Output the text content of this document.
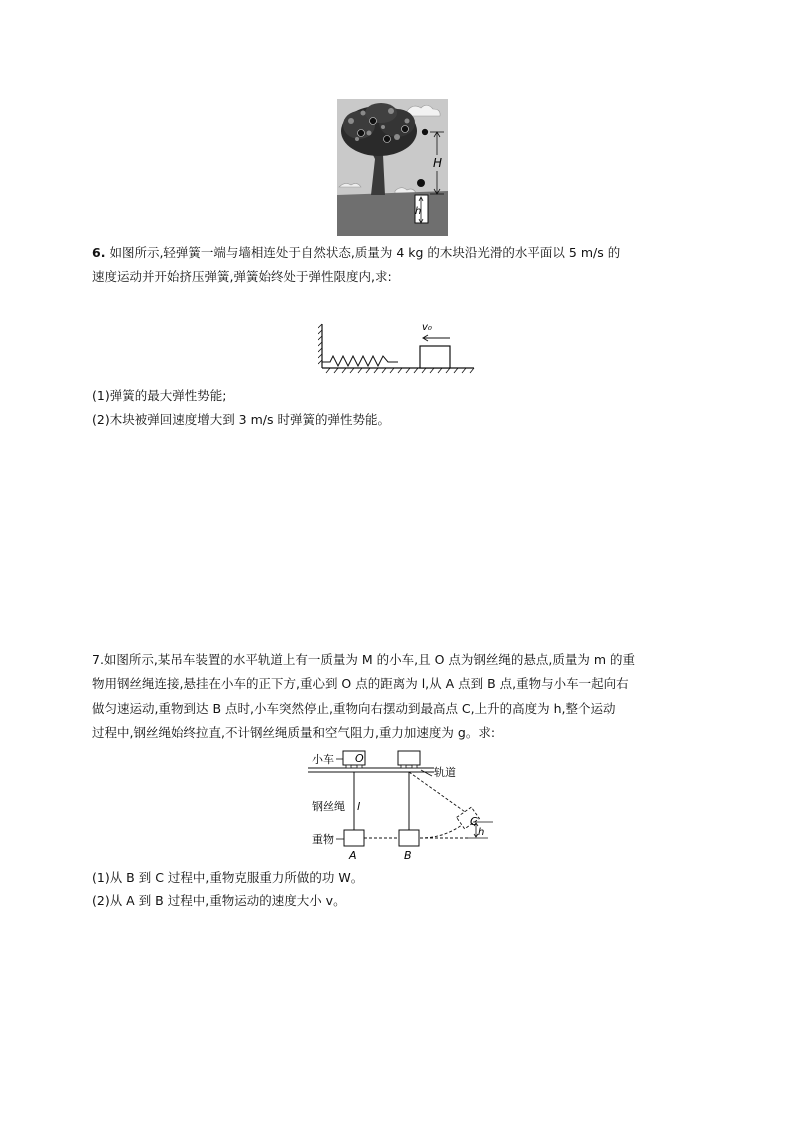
H
h
6. 如图所示,轻弹簧一端与墙相连处于自然状态,质量为 4 kg 的木块沿光滑的水平面以 5 m/s 的
速度运动并开始挤压弹簧,弹簧始终处于弹性限度内,求:
v₀
(1)弹簧的最大弹性势能;
(2)木块被弹回速度增大到 3 m/s 时弹簧的弹性势能。
7.如图所示,某吊车装置的水平轨道上有一质量为 M 的小车,且 O 点为钢丝绳的悬点,质量为 m 的重
物用钢丝绳连接,悬挂在小车的正下方,重心到 O 点的距离为 l,从 A 点到 B 点,重物与小车一起向右
做匀速运动,重物到达 B 点时,小车突然停止,重物向右摆动到最高点 C,上升的高度为 h,整个运动
过程中,钢丝绳始终拉直,不计钢丝绳质量和空气阻力,重力加速度为 g。求:
小车 O
轨道
C
h
钢丝绳 l
重物
A	B
(1)从 B 到 C 过程中,重物克服重力所做的功 W。
(2)从 A 到 B 过程中,重物运动的速度大小 v。
